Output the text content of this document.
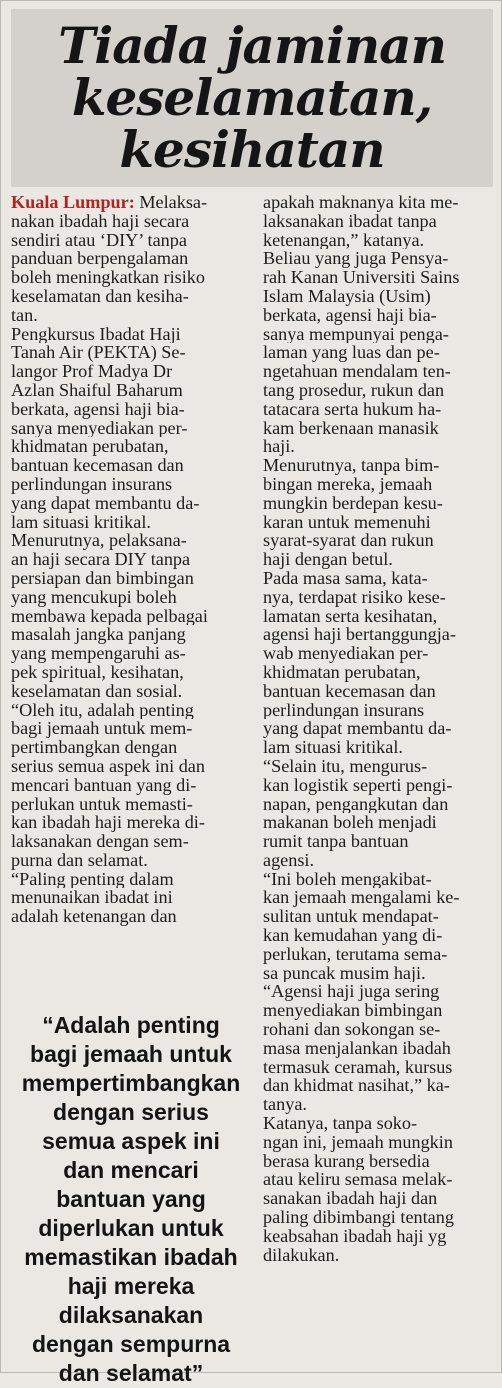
Tiada jaminan
keselamatan,
kesihatan
Kuala Lumpur: Melaksa-
nakan ibadah haji secara
sendiri atau ‘DIY’ tanpa
panduan berpengalaman
boleh meningkatkan risiko
keselamatan dan kesiha-
tan.
Pengkursus Ibadat Haji
Tanah Air (PEKTA) Se-
langor Prof Madya Dr
Azlan Shaiful Baharum
berkata, agensi haji bia-
sanya menyediakan per-
khidmatan perubatan,
bantuan kecemasan dan
perlindungan insurans
yang dapat membantu da-
lam situasi kritikal.
Menurutnya, pelaksana-
an haji secara DIY tanpa
persiapan dan bimbingan
yang mencukupi boleh
membawa kepada pelbagai
masalah jangka panjang
yang mempengaruhi as-
pek spiritual, kesihatan,
keselamatan dan sosial.
“Oleh itu, adalah penting
bagi jemaah untuk mem-
pertimbangkan dengan
serius semua aspek ini dan
mencari bantuan yang di-
perlukan untuk memasti-
kan ibadah haji mereka di-
laksanakan dengan sem-
purna dan selamat.
“Paling penting dalam
menunaikan ibadat ini
adalah ketenangan dan
“Adalah penting
bagi jemaah untuk
mempertimbangkan
dengan serius
semua aspek ini
dan mencari
bantuan yang
diperlukan untuk
memastikan ibadah
haji mereka
dilaksanakan
dengan sempurna
dan selamat”
apakah maknanya kita me-
laksanakan ibadat tanpa
ketenangan,” katanya.
Beliau yang juga Pensya-
rah Kanan Universiti Sains
Islam Malaysia (Usim)
berkata, agensi haji bia-
sanya mempunyai penga-
laman yang luas dan pe-
ngetahuan mendalam ten-
tang prosedur, rukun dan
tatacara serta hukum ha-
kam berkenaan manasik
haji.
Menurutnya, tanpa bim-
bingan mereka, jemaah
mungkin berdepan kesu-
karan untuk memenuhi
syarat-syarat dan rukun
haji dengan betul.
Pada masa sama, kata-
nya, terdapat risiko kese-
lamatan serta kesihatan,
agensi haji bertanggungja-
wab menyediakan per-
khidmatan perubatan,
bantuan kecemasan dan
perlindungan insurans
yang dapat membantu da-
lam situasi kritikal.
“Selain itu, mengurus-
kan logistik seperti pengi-
napan, pengangkutan dan
makanan boleh menjadi
rumit tanpa bantuan
agensi.
“Ini boleh mengakibat-
kan jemaah mengalami ke-
sulitan untuk mendapat-
kan kemudahan yang di-
perlukan, terutama sema-
sa puncak musim haji.
“Agensi haji juga sering
menyediakan bimbingan
rohani dan sokongan se-
masa menjalankan ibadah
termasuk ceramah, kursus
dan khidmat nasihat,” ka-
tanya.
Katanya, tanpa soko-
ngan ini, jemaah mungkin
berasa kurang bersedia
atau keliru semasa melak-
sanakan ibadah haji dan
paling dibimbangi tentang
keabsahan ibadah haji yg
dilakukan.
